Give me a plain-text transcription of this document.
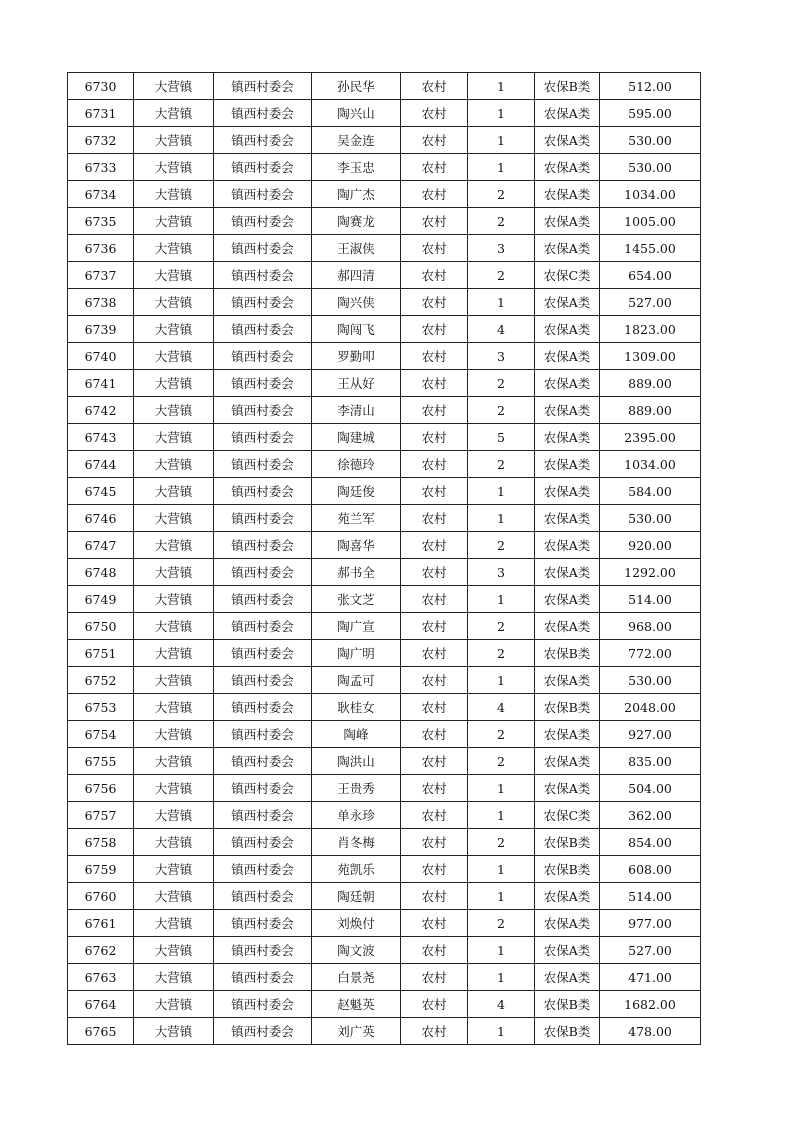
6730	大营镇	镇西村委会	孙民华	农村	1	农保B类	512.00
6731	大营镇	镇西村委会	陶兴山	农村	1	农保A类	595.00
6732	大营镇	镇西村委会	吴金连	农村	1	农保A类	530.00
6733	大营镇	镇西村委会	李玉忠	农村	1	农保A类	530.00
6734	大营镇	镇西村委会	陶广杰	农村	2	农保A类	1034.00
6735	大营镇	镇西村委会	陶赛龙	农村	2	农保A类	1005.00
6736	大营镇	镇西村委会	王淑侠	农村	3	农保A类	1455.00
6737	大营镇	镇西村委会	郝四清	农村	2	农保C类	654.00
6738	大营镇	镇西村委会	陶兴侠	农村	1	农保A类	527.00
6739	大营镇	镇西村委会	陶闯飞	农村	4	农保A类	1823.00
6740	大营镇	镇西村委会	罗勤叩	农村	3	农保A类	1309.00
6741	大营镇	镇西村委会	王从好	农村	2	农保A类	889.00
6742	大营镇	镇西村委会	李清山	农村	2	农保A类	889.00
6743	大营镇	镇西村委会	陶建城	农村	5	农保A类	2395.00
6744	大营镇	镇西村委会	徐德玲	农村	2	农保A类	1034.00
6745	大营镇	镇西村委会	陶廷俊	农村	1	农保A类	584.00
6746	大营镇	镇西村委会	苑兰军	农村	1	农保A类	530.00
6747	大营镇	镇西村委会	陶喜华	农村	2	农保A类	920.00
6748	大营镇	镇西村委会	郝书全	农村	3	农保A类	1292.00
6749	大营镇	镇西村委会	张文芝	农村	1	农保A类	514.00
6750	大营镇	镇西村委会	陶广宣	农村	2	农保A类	968.00
6751	大营镇	镇西村委会	陶广明	农村	2	农保B类	772.00
6752	大营镇	镇西村委会	陶孟可	农村	1	农保A类	530.00
6753	大营镇	镇西村委会	耿桂女	农村	4	农保B类	2048.00
6754	大营镇	镇西村委会	陶峰	农村	2	农保A类	927.00
6755	大营镇	镇西村委会	陶洪山	农村	2	农保A类	835.00
6756	大营镇	镇西村委会	王贵秀	农村	1	农保A类	504.00
6757	大营镇	镇西村委会	单永珍	农村	1	农保C类	362.00
6758	大营镇	镇西村委会	肖冬梅	农村	2	农保B类	854.00
6759	大营镇	镇西村委会	苑凯乐	农村	1	农保B类	608.00
6760	大营镇	镇西村委会	陶廷朝	农村	1	农保A类	514.00
6761	大营镇	镇西村委会	刘焕付	农村	2	农保A类	977.00
6762	大营镇	镇西村委会	陶文波	农村	1	农保A类	527.00
6763	大营镇	镇西村委会	白景尧	农村	1	农保A类	471.00
6764	大营镇	镇西村委会	赵魁英	农村	4	农保B类	1682.00
6765	大营镇	镇西村委会	刘广英	农村	1	农保B类	478.00
